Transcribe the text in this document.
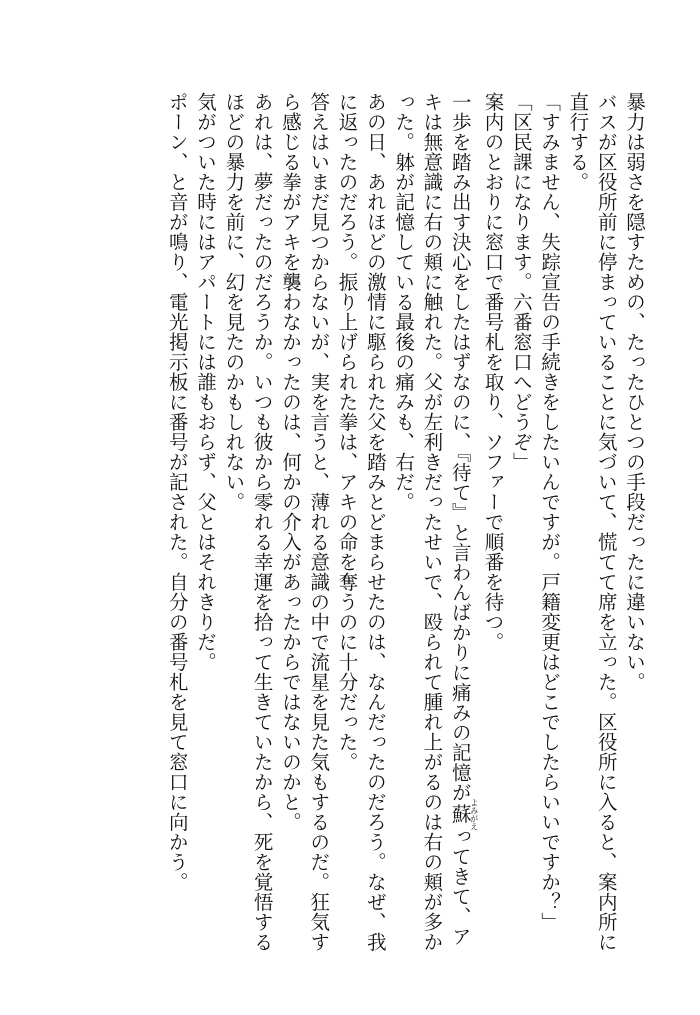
暴力は弱さを隠すための、たったひとつの手段だったに違いない。

バスが区役所前に停まっていることに気づいて、慌てて席を立った。区役所に入ると、案内所に直行する。

「すみません、失踪宣告の手続きをしたいんですが。戸籍変更はどこでしたらいいですか？」

「区民課になります。六番窓口へどうぞ」

案内のとおりに窓口で番号札を取り、ソファーで順番を待つ。

一歩を踏み出す決心をしたはずなのに、『待て』と言わんばかりに痛みの記憶が蘇よみがえってきて、アキは無意識に右の頬に触れた。父が左利きだったせいで、殴られて腫れ上がるのは右の頬が多かった。躰が記憶している最後の痛みも、右だ。

あの日、あれほどの激情に駆られた父を踏みとどまらせたのは、なんだったのだろう。なぜ、我に返ったのだろう。振り上げられた拳は、アキの命を奪うのに十分だった。

答えはいまだ見つからないが、実を言うと、薄れる意識の中で流星を見た気もするのだ。狂気すら感じる拳がアキを襲わなかったのは、何かの介入があったからではないのかと。

あれは、夢だったのだろうか。いつも彼から零れる幸運を拾って生きていたから、死を覚悟するほどの暴力を前に、幻を見たのかもしれない。

気がついた時にはアパートには誰もおらず、父とはそれきりだ。

ポーン、と音が鳴り、電光掲示板に番号が記された。自分の番号札を見て窓口に向かう。
